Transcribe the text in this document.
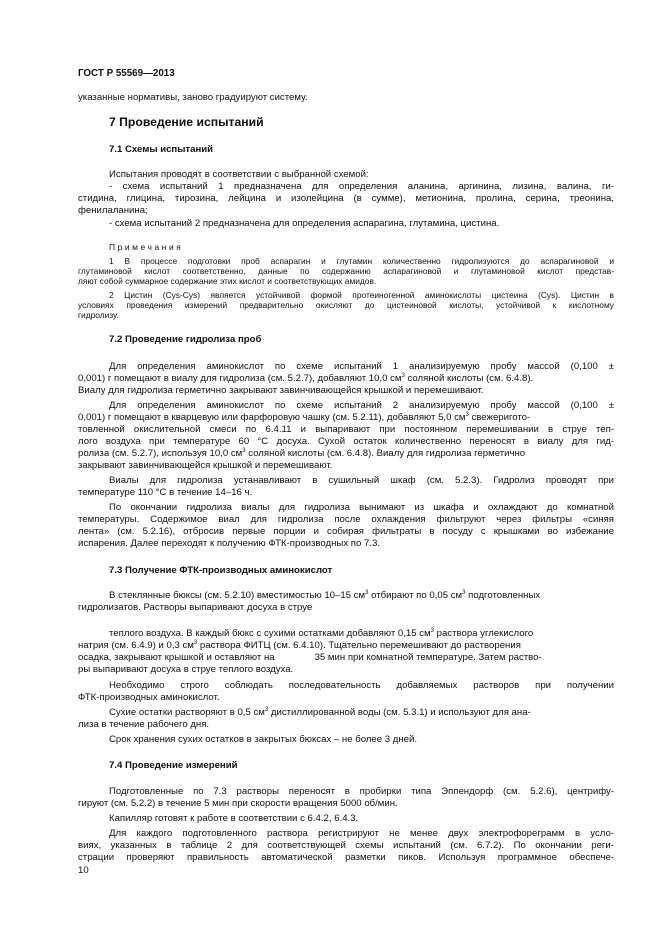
ГОСТ Р 55569—2013

указанные нормативы, заново градуируют систему.

7 Проведение испытаний

7.1 Схемы испытаний

Испытания проводят в соответствии с выбранной схемой:

- схема испытаний 1 предназначена для определения аланина, аргинина, лизина, валина, ги-

стидина, глицина, тирозина, лейцина и изолейцина (в сумме), метионина, пролина, серина, треонина,

фенилаланина;

- схема испытаний 2 предназначена для определения аспарагина, глутамина, цистина.

Примечания

1 В процессе подготовки проб аспарагин и глутамин количественно гидролизуются до аспарагиновой и

глутаминовой кислот соответственно, данные по содержанию аспарагиновой и глутаминовой кислот представ-

ляют собой суммарное содержание этих кислот и соответствующих амидов.

2 Цистин (Cys-Cys) является устойчивой формой протеиногенной аминокислоты цистеина (Cys). Цистин в

условиях проведения измерений предварительно окисляют до цистеиновой кислоты, устойчивой к кислотному

гидролизу.

7.2 Проведение гидролиза проб

Для определения аминокислот по схеме испытаний 1 анализируемую пробу массой (0,100 ±

0,001) г помещают в виалу для гидролиза (см. 5.2.7), добавляют 10,0 $см^3$ соляной кислоты (см. 6.4.8).

Виалу для гидролиза герметично закрывают завинчивающейся крышкой и перемешивают.

Для определения аминокислот по схеме испытаний 2 анализируемую пробу массой (0,100 ±

0,001) г помещают в кварцевую или фарфоровую чашку (см. 5.2.11), добавляют 5,0 $см^3$ свежеригото-

товленной окислительной смеси по 6.4.11 и выпаривают при постоянном перемешивании в струе теп-

лого воздуха при температуре 60 °С досуха. Сухой остаток количественно переносят в виалу для гид-

ролиза (см. 5.2.7), используя 10,0 $см^3$ соляной кислоты (см. 6.4.8). Виалу для гидролиза герметично

закрывают завинчивающейся крышкой и перемешивают.

Виалы для гидролиза устанавливают в сушильный шкаф (см. 5.2.3). Гидролиз проводят при

температуре 110 °С в течение 14–16 ч.

По окончании гидролиза виалы для гидролиза вынимают из шкафа и охлаждают до комнатной

температуры. Содержимое виал для гидролиза после охлаждения фильтруют через фильтры «синяя

лента» (см. 5.2.16), отбросив первые порции и собирая фильтраты в посуду с крышками во избежание

испарения. Далее переходят к получению ФТК-производных по 7.3.

7.3 Получение ФТК-производных аминокислот

В стеклянные бюксы (см. 5.2.10) вместимостью 10–15 $см^3$ отбирают по 0,05 $см^3$ подготовленных

гидролизатов. Растворы выпаривают досуха в струе

теплого воздуха. В каждый бюкс с сухими остатками добавляют 0,15 $см^3$ раствора углекислого

натрия (см. 6.4.9) и 0,3 $см^3$ раствора ФИТЦ (см. 6.4.10). Тщательно перемешивают до растворения

осадка, закрывают крышкой и оставляют на	35 мин при комнатной температуре. Затем раство-

ры выпаривают досуха в струе теплого воздуха.

Необходимо строго соблюдать последовательность добавляемых растворов при получении

ФТК-производных аминокислот.

Сухие остатки растворяют в 0,5 $см^3$ дистиллированной воды (см. 5.3.1) и используют для ана-

лиза в течение рабочего дня.

Срок хранения сухих остатков в закрытых бюксах – не более 3 дней.

7.4 Проведение измерений

Подготовленные по 7.3 растворы переносят в пробирки типа Эппендорф (см. 5.2.6), центрифу-

гируют (см. 5.2.2) в течение 5 мин при скорости вращения 5000 об/мин.

Капилляр готовят к работе в соответствии с 6.4.2, 6.4.3.

Для каждого подготовленного раствора регистрируют не менее двух электрофореграмм в усло-

виях, указанных в таблице 2 для соответствующей схемы испытаний (см. 6.7.2). По окончании реги-

страции проверяют правильность автоматической разметки пиков. Используя программное обеспече-

10
